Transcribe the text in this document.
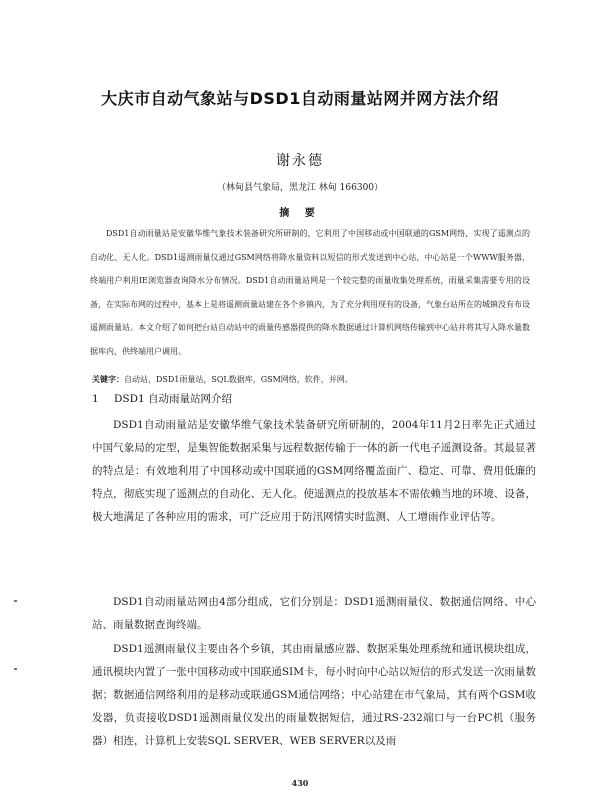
大庆市自动气象站与DSD1自动雨量站网并网方法介绍
谢永德
（林甸县气象局，黑龙江 林甸 166300）
摘 要

DSD1自动雨量站是安徽华维气象技术装备研究所研制的，它利用了中国移动或中国联通的GSM网络，实现了遥测点的自动化、无人化。DSD1遥测雨量仪通过GSM网络将降水量资料以短信的形式发送到中心站，中心站是一个WWW服务器，终端用户利用IE浏览器查询降水分布情况。DSD1自动雨量站网是一个较完整的雨量收集处理系统，雨量采集需要专用的设备，在实际布网的过程中，基本上是将遥测雨量站建在各个乡镇内，为了充分利用现有的设备，气象台站所在的城镇没有布设遥测雨量站。本文介绍了如何把台站自动站中的雨量传感器提供的降水数据通过计算机网络传输到中心站并将其写入降水量数据库内，供终端用户调用。

关键字：自动站，DSD1雨量站，SQL数据库，GSM网络，软件，并网。
1 DSD1 自动雨量站网介绍

DSD1自动雨量站是安徽华维气象技术装备研究所研制的，2004年11月2日率先正式通过中国气象局的定型，是集智能数据采集与远程数据传输于一体的新一代电子遥测设备。其最显著的特点是：有效地利用了中国移动或中国联通的GSM网络覆盖面广、稳定、可靠、费用低廉的特点，彻底实现了遥测点的自动化、无人化。使遥测点的投放基本不需依赖当地的环境、设备，极大地满足了各种应用的需求，可广泛应用于防汛网情实时监测、人工增雨作业评估等。

DSD1自动雨量站网由4部分组成，它们分别是：DSD1遥测雨量仪、数据通信网络、中心站、雨量数据查询终端。

DSD1遥测雨量仪主要由各个乡镇，其由雨量感应器、数据采集处理系统和通讯模块组成，通讯模块内置了一张中国移动或中国联通SIM卡，每小时向中心站以短信的形式发送一次雨量数据；数据通信网络利用的是移动或联通GSM通信网络；中心站建在市气象局，其有两个GSM收发器，负责接收DSD1遥测雨量仪发出的雨量数据短信，通过RS-232端口与一台PC机（服务器）相连，计算机上安装SQL SERVER、WEB SERVER以及雨

430
